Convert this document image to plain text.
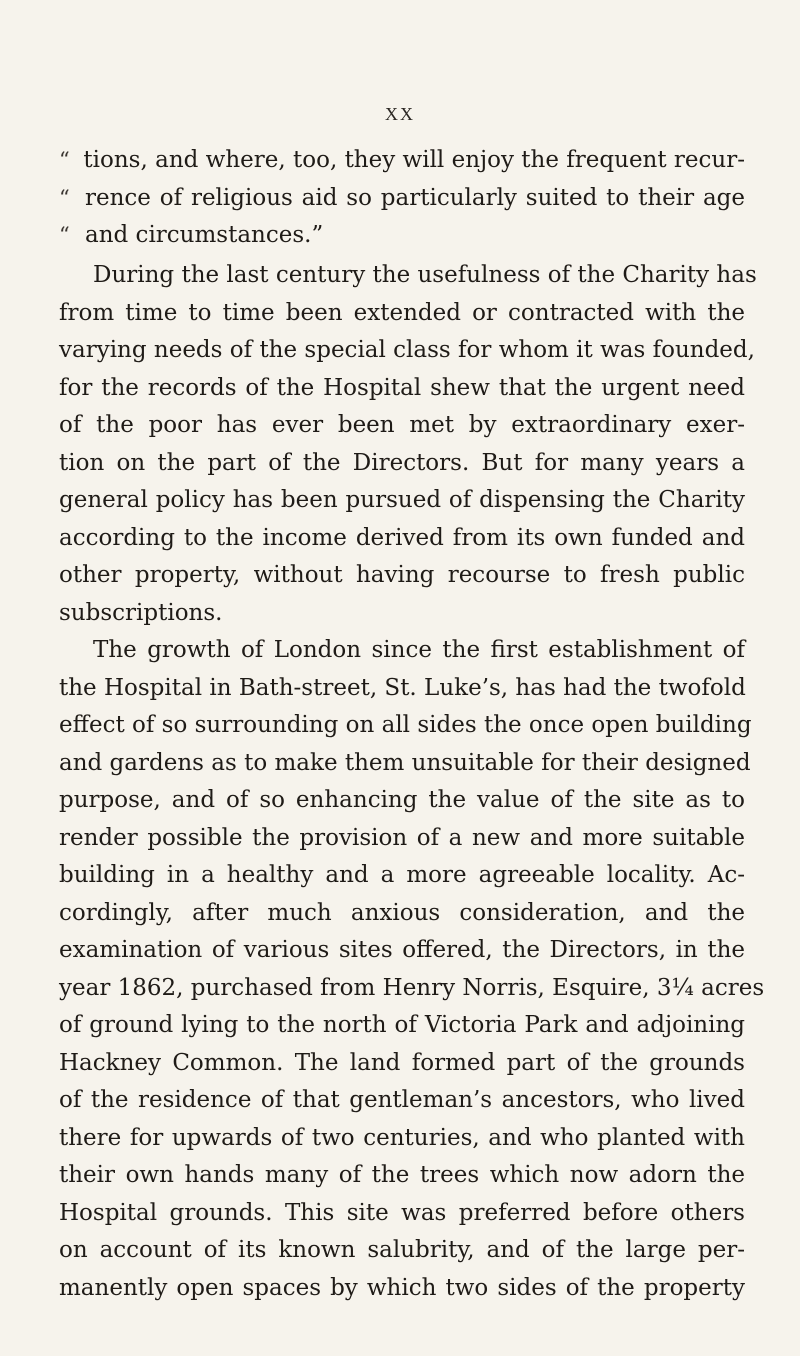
XX
“ tions, and where, too, they will enjoy the frequent recur-
“ rence of religious aid so particularly suited to their age
“ and circumstances.”
During the last century the usefulness of the Charity has
from time to time been extended or contracted with the
varying needs of the special class for whom it was founded,
for the records of the Hospital shew that the urgent need
of the poor has ever been met by extraordinary exer-
tion on the part of the Directors. But for many years a
general policy has been pursued of dispensing the Charity
according to the income derived from its own funded and
other property, without having recourse to fresh public
subscriptions.
The growth of London since the first establishment of
the Hospital in Bath-street, St. Luke’s, has had the twofold
effect of so surrounding on all sides the once open building
and gardens as to make them unsuitable for their designed
purpose, and of so enhancing the value of the site as to
render possible the provision of a new and more suitable
building in a healthy and a more agreeable locality. Ac-
cordingly, after much anxious consideration, and the
examination of various sites offered, the Directors, in the
year 1862, purchased from Henry Norris, Esquire, 3¼ acres
of ground lying to the north of Victoria Park and adjoining
Hackney Common. The land formed part of the grounds
of the residence of that gentleman’s ancestors, who lived
there for upwards of two centuries, and who planted with
their own hands many of the trees which now adorn the
Hospital grounds. This site was preferred before others
on account of its known salubrity, and of the large per-
manently open spaces by which two sides of the property
